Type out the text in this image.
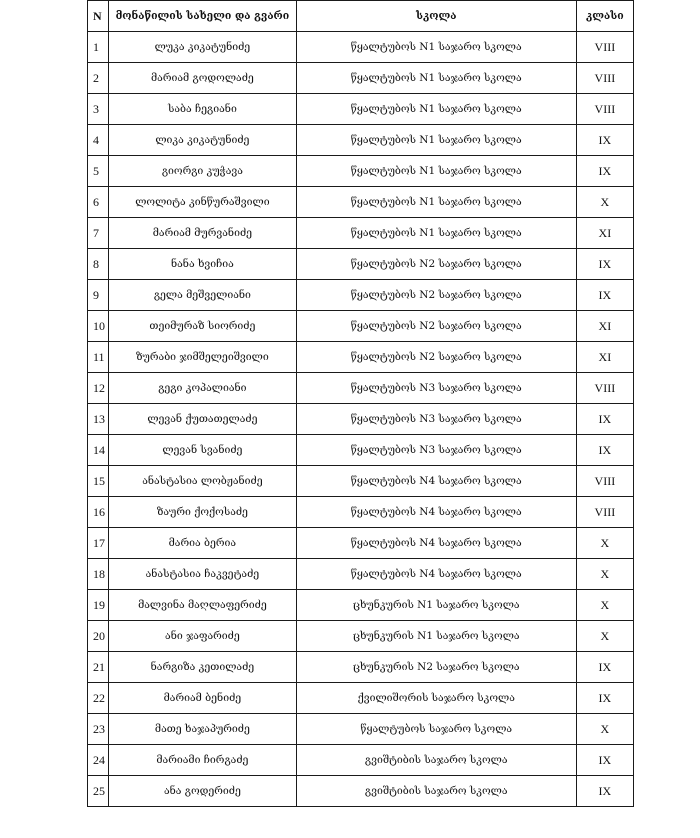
N	მონაწილის სახელი და გვარი	სკოლა	კლასი
1	ლუკა კიკატუნიძე	წყალტუბოს N1 საჯარო სკოლა	VIII
2	მარიამ გოდოლაძე	წყალტუბოს N1 საჯარო სკოლა	VIII
3	საბა ჩეგიანი	წყალტუბოს N1 საჯარო სკოლა	VIII
4	ლიკა კიკატუნიძე	წყალტუბოს N1 საჯარო სკოლა	IX
5	გიორგი კუჭავა	წყალტუბოს N1 საჯარო სკოლა	IX
6	ლოლიტა კინწურაშვილი	წყალტუბოს N1 საჯარო სკოლა	X
7	მარიამ მურვანიძე	წყალტუბოს N1 საჯარო სკოლა	XI
8	ნანა ხვიჩია	წყალტუბოს N2 საჯარო სკოლა	IX
9	გელა მეშველიანი	წყალტუბოს N2 საჯარო სკოლა	IX
10	თეიმურაზ სიორიძე	წყალტუბოს N2 საჯარო სკოლა	XI
11	ზურაბი ჯიმშელეიშვილი	წყალტუბოს N2 საჯარო სკოლა	XI
12	გეგი კოპალიანი	წყალტუბოს N3 საჯარო სკოლა	VIII
13	ლევან ქუთათელაძე	წყალტუბოს N3 საჯარო სკოლა	IX
14	ლევან სვანიძე	წყალტუბოს N3 საჯარო სკოლა	IX
15	ანასტასია ლობჟანიძე	წყალტუბოს N4 საჯარო სკოლა	VIII
16	ზაური ქოქოსაძე	წყალტუბოს N4 საჯარო სკოლა	VIII
17	მარია ბერია	წყალტუბოს N4 საჯარო სკოლა	X
18	ანასტასია ჩაკვეტაძე	წყალტუბოს N4 საჯარო სკოლა	X
19	მალვინა მაღლაფერიძე	ცხუნკურის N1 საჯარო სკოლა	X
20	ანი ჯაფარიძე	ცხუნკურის N1 საჯარო სკოლა	X
21	ნარგიზა კეთილაძე	ცხუნკურის N2 საჯარო სკოლა	IX
22	მარიამ ბენიძე	ქვილიშორის საჯარო სკოლა	IX
23	მათე ხაჯაპურიძე	წყალტუბოს საჯარო სკოლა	X
24	მარიამი ჩირგაძე	გვიშტიბის საჯარო სკოლა	IX
25	ანა გოდერიძე	გვიშტიბის საჯარო სკოლა	IX
